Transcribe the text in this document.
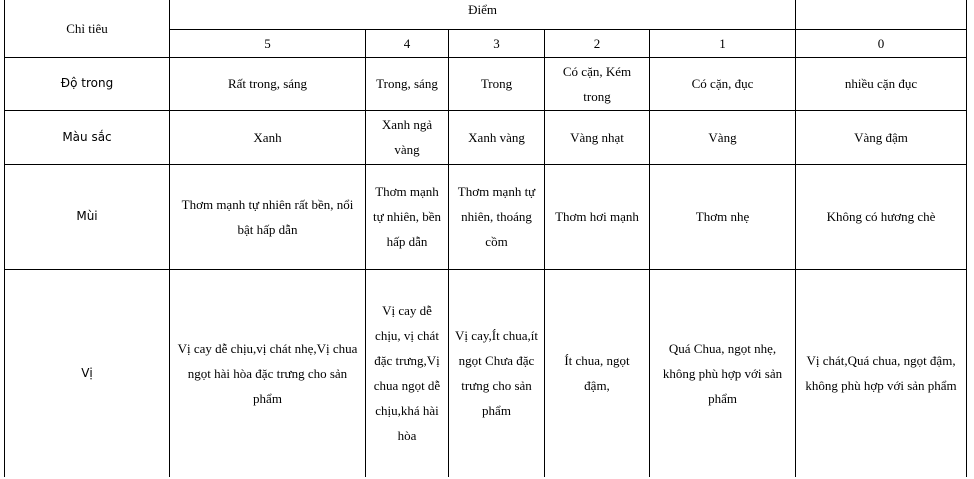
Chỉ tiêu	Điểm					
	5	4	3	2	1	0
Độ trong	Rất trong, sáng	Trong, sáng	Trong	Có cặn, Kém trong	Có cặn, đục	nhiều cặn đục
Màu sắc	Xanh	Xanh ngả vàng	Xanh vàng	Vàng nhạt	Vàng	Vàng đậm
Mùi	Thơm mạnh tự nhiên rất bền, nổi bật hấp dẫn	Thơm mạnh tự nhiên, bền hấp dẫn	Thơm mạnh tự nhiên, thoáng cồm	Thơm hơi mạnh	Thơm nhẹ	Không có hương chè
Vị	Vị cay dễ chịu,vị chát nhẹ,Vị chua ngọt hài hòa đặc trưng cho sản phẩm	Vị cay dễ chịu, vị chát đặc trưng,Vị chua ngọt dễ chịu,khá hài hòa	Vị cay,Ít chua,ít ngọt Chưa đặc trưng cho sản phẩm	Ít chua, ngọt đậm,	Quá Chua, ngọt nhẹ, không phù hợp với sản phẩm	Vị chát,Quá chua, ngọt đậm, không phù hợp với sản phẩm
